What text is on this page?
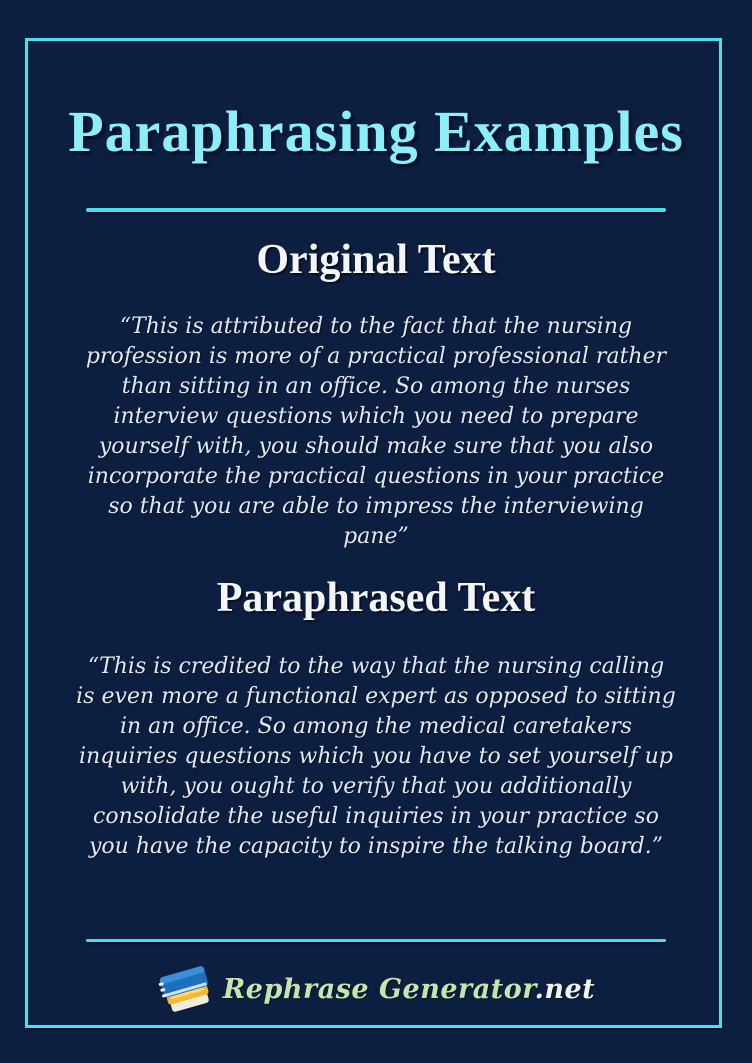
Paraphrasing Examples
Original Text
“This is attributed to the fact that the nursing profession is more of a practical professional rather than sitting in an office. So among the nurses interview questions which you need to prepare yourself with, you should make sure that you also incorporate the practical questions in your practice so that you are able to impress the interviewing pane”
Paraphrased Text
“This is credited to the way that the nursing calling is even more a functional expert as opposed to sitting in an office. So among the medical caretakers inquiries questions which you have to set yourself up with, you ought to verify that you additionally consolidate the useful inquiries in your practice so you have the capacity to inspire the talking board.”
Rephrase Generator.net
